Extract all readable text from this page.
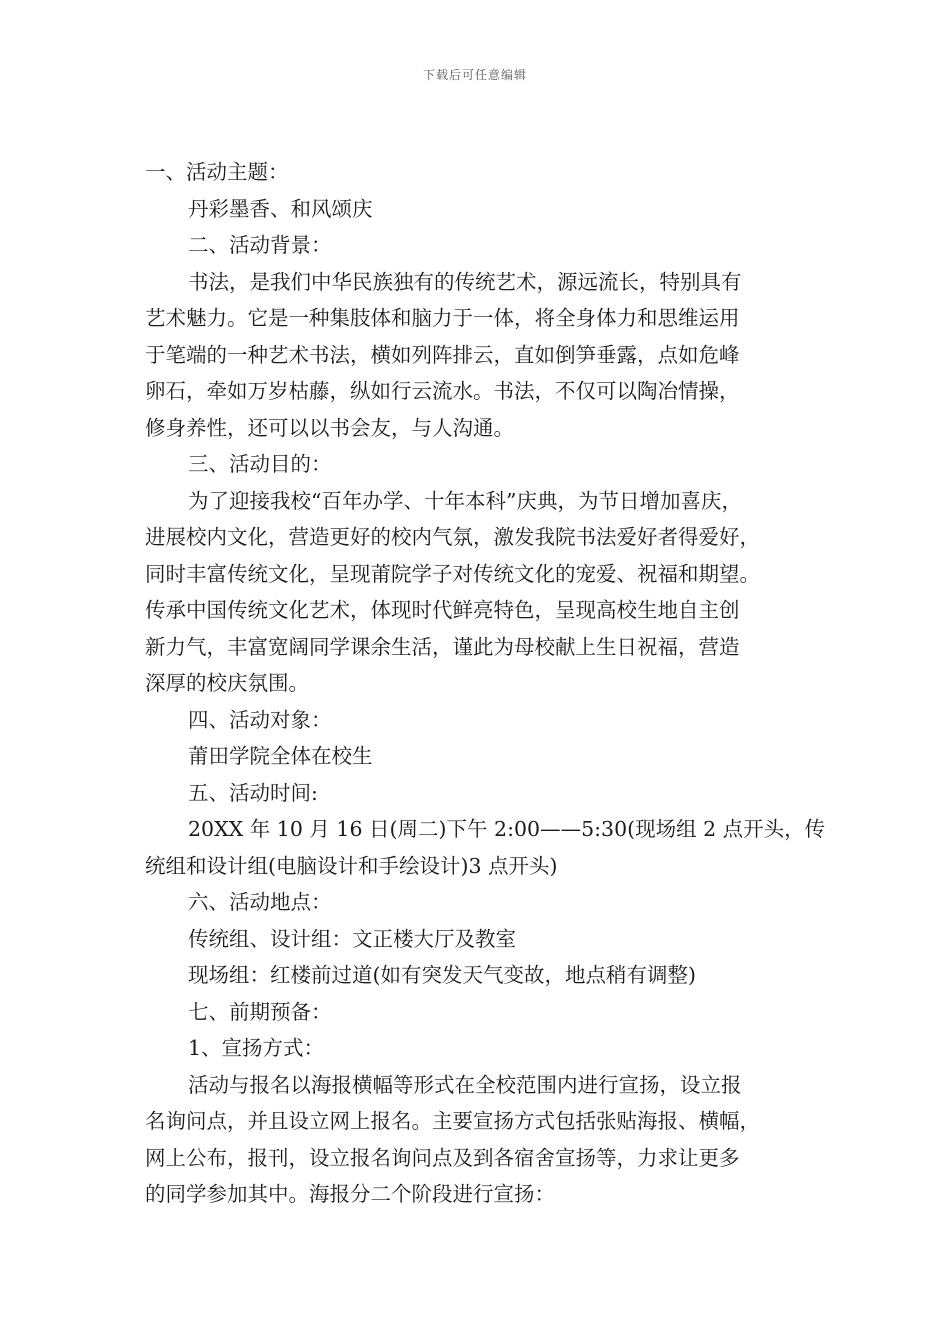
下载后可任意编辑
一、活动主题：
丹彩墨香、和风颂庆
二、活动背景：
书法，是我们中华民族独有的传统艺术，源远流长，特别具有
艺术魅力。它是一种集肢体和脑力于一体，将全身体力和思维运用
于笔端的一种艺术书法，横如列阵排云，直如倒笋垂露，点如危峰
卵石，牵如万岁枯藤，纵如行云流水。书法，不仅可以陶冶情操，
修身养性，还可以以书会友，与人沟通。
三、活动目的：
为了迎接我校“百年办学、十年本科”庆典，为节日增加喜庆，
进展校内文化，营造更好的校内气氛，激发我院书法爱好者得爱好，
同时丰富传统文化，呈现莆院学子对传统文化的宠爱、祝福和期望。
传承中国传统文化艺术，体现时代鲜亮特色，呈现高校生地自主创
新力气，丰富宽阔同学课余生活，谨此为母校献上生日祝福，营造
深厚的校庆氛围。
四、活动对象：
莆田学院全体在校生
五、活动时间:
20XX 年 10 月 16 日(周二)下午 2:00——5:30(现场组 2 点开头，传
统组和设计组(电脑设计和手绘设计)3 点开头)
六、活动地点：
传统组、设计组：文正楼大厅及教室
现场组：红楼前过道(如有突发天气变故，地点稍有调整)
七、前期预备：
1、宣扬方式：
活动与报名以海报横幅等形式在全校范围内进行宣扬，设立报
名询问点，并且设立网上报名。主要宣扬方式包括张贴海报、横幅，
网上公布，报刊，设立报名询问点及到各宿舍宣扬等，力求让更多
的同学参加其中。海报分二个阶段进行宣扬：
